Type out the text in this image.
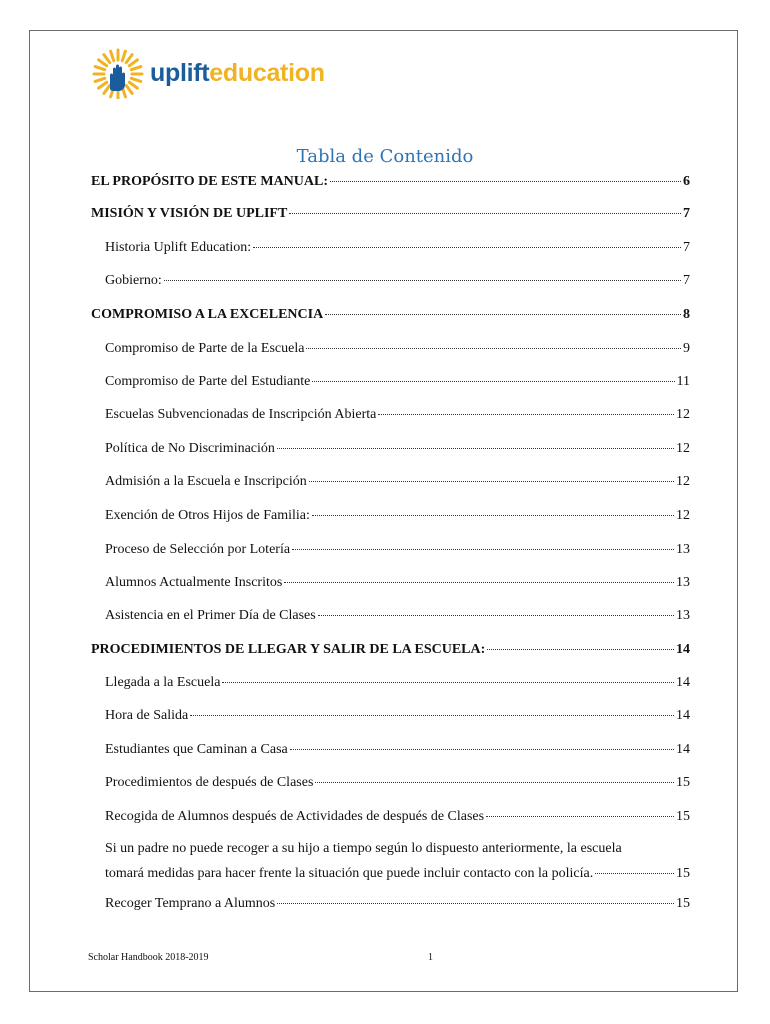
uplifteducation
Tabla de Contenido
EL PROPÓSITO DE ESTE MANUAL:	6
MISIÓN Y VISIÓN DE UPLIFT	7
Historia Uplift Education:	7
Gobierno:	7
COMPROMISO A LA EXCELENCIA	8
Compromiso de Parte de la Escuela	9
Compromiso de Parte del Estudiante	11
Escuelas Subvencionadas de Inscripción Abierta	12
Política de No Discriminación	12
Admisión a la Escuela e Inscripción	12
Exención de Otros Hijos de Familia:	12
Proceso de Selección por Lotería	13
Alumnos Actualmente Inscritos	13
Asistencia en el Primer Día de Clases	13
PROCEDIMIENTOS DE LLEGAR Y SALIR DE LA ESCUELA:	14
Llegada a la Escuela	14
Hora de Salida	14
Estudiantes que Caminan a Casa	14
Procedimientos de después de Clases	15
Recogida de Alumnos después de Actividades de después de Clases	15
Si un padre no puede recoger a su hijo a tiempo según lo dispuesto anteriormente, la escuela
tomará medidas para hacer frente la situación que puede incluir contacto con la policía.	15
Recoger Temprano a Alumnos	15
Scholar Handbook 2018-2019	1
